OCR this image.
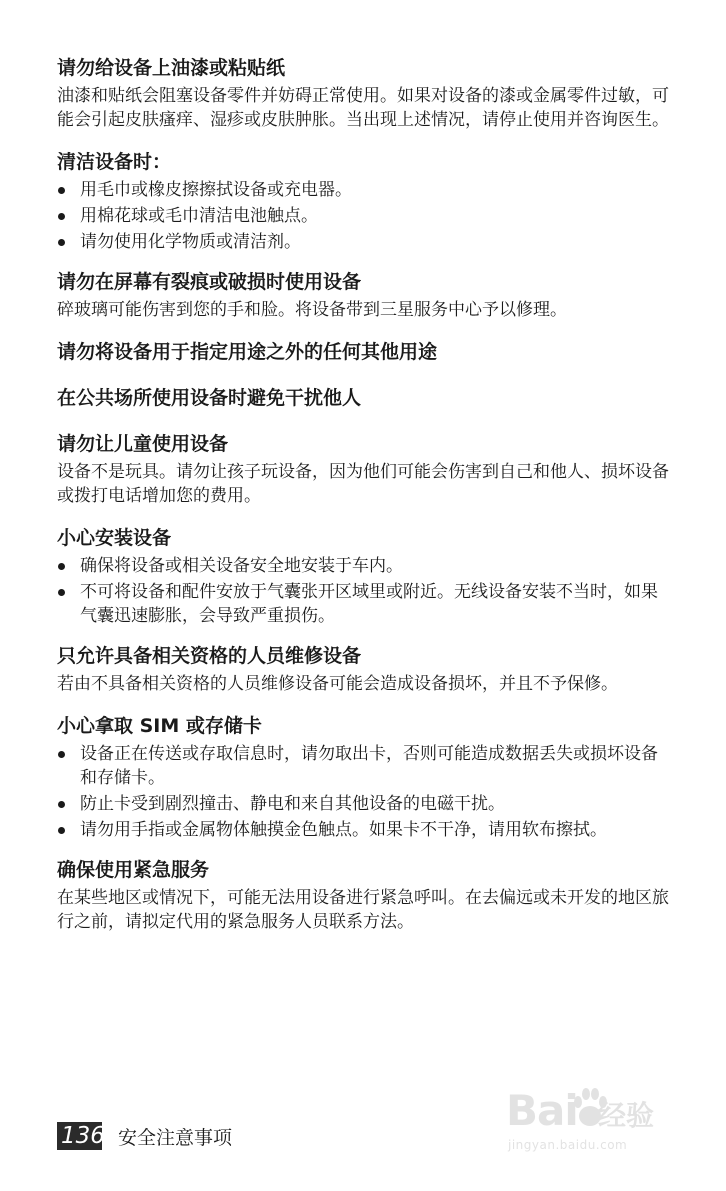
请勿给设备上油漆或粘贴纸

油漆和贴纸会阻塞设备零件并妨碍正常使用。如果对设备的漆或金属零件过敏，可能会引起皮肤瘙痒、湿疹或皮肤肿胀。当出现上述情况，请停止使用并咨询医生。

清洁设备时：
用毛巾或橡皮擦擦拭设备或充电器。
用棉花球或毛巾清洁电池触点。
请勿使用化学物质或清洁剂。
请勿在屏幕有裂痕或破损时使用设备

碎玻璃可能伤害到您的手和脸。将设备带到三星服务中心予以修理。

请勿将设备用于指定用途之外的任何其他用途
在公共场所使用设备时避免干扰他人
请勿让儿童使用设备

设备不是玩具。请勿让孩子玩设备，因为他们可能会伤害到自己和他人、损坏设备或拨打电话增加您的费用。

小心安装设备
确保将设备或相关设备安全地安装于车内。
不可将设备和配件安放于气囊张开区域里或附近。无线设备安装不当时，如果气囊迅速膨胀，会导致严重损伤。
只允许具备相关资格的人员维修设备

若由不具备相关资格的人员维修设备可能会造成设备损坏，并且不予保修。

小心拿取 SIM 或存储卡
设备正在传送或存取信息时，请勿取出卡，否则可能造成数据丢失或损坏设备和存储卡。
防止卡受到剧烈撞击、静电和来自其他设备的电磁干扰。
请勿用手指或金属物体触摸金色触点。如果卡不干净，请用软布擦拭。
确保使用紧急服务

在某些地区或情况下，可能无法用设备进行紧急呼叫。在去偏远或未开发的地区旅行之前，请拟定代用的紧急服务人员联系方法。

136 安全注意事项
Bai 经验
jingyan.baidu.com
